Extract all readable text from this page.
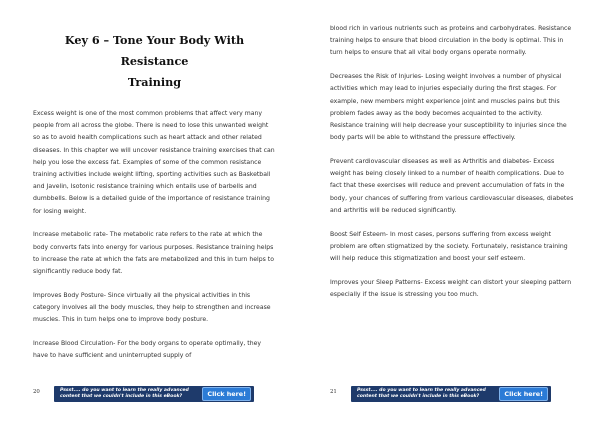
Key 6 – Tone Your Body With Resistance
Training

Excess weight is one of the most common problems that affect very many people from all across the globe. There is need to lose this unwanted weight so as to avoid health complications such as heart attack and other related diseases. In this chapter we will uncover resistance training exercises that can help you lose the excess fat. Examples of some of the common resistance training activities include weight lifting, sporting activities such as Basketball and Javelin, Isotonic resistance training which entails use of barbells and dumbbells. Below is a detailed guide of the importance of resistance training for losing weight.

Increase metabolic rate- The metabolic rate refers to the rate at which the body converts fats into energy for various purposes. Resistance training helps to increase the rate at which the fats are metabolized and this in turn helps to significantly reduce body fat.

Improves Body Posture- Since virtually all the physical activities in this category involves all the body muscles, they help to strengthen and increase muscles. This in turn helps one to improve body posture.

Increase Blood Circulation- For the body organs to operate optimally, they have to have sufficient and uninterrupted supply of

20	Pssst.... do you want to learn the really advanced content that we couldn't include in this eBook?	Click here!

blood rich in various nutrients such as proteins and carbohydrates. Resistance training helps to ensure that blood circulation in the body is optimal. This in turn helps to ensure that all vital body organs operate normally.

Decreases the Risk of Injuries- Losing weight involves a number of physical activities which may lead to injuries especially during the first stages. For example, new members might experience joint and muscles pains but this problem fades away as the body becomes acquainted to the activity. Resistance training will help decrease your susceptibility to injuries since the body parts will be able to withstand the pressure effectively.

Prevent cardiovascular diseases as well as Arthritis and diabetes- Excess weight has being closely linked to a number of health complications. Due to fact that these exercises will reduce and prevent accumulation of fats in the body, your chances of suffering from various cardiovascular diseases, diabetes and arthritis will be reduced significantly.

Boost Self Esteem- In most cases, persons suffering from excess weight problem are often stigmatized by the society. Fortunately, resistance training will help reduce this stigmatization and boost your self esteem.

Improves your Sleep Patterns- Excess weight can distort your sleeping pattern especially if the issue is stressing you too much.

21	Pssst.... do you want to learn the really advanced content that we couldn't include in this eBook?	Click here!
